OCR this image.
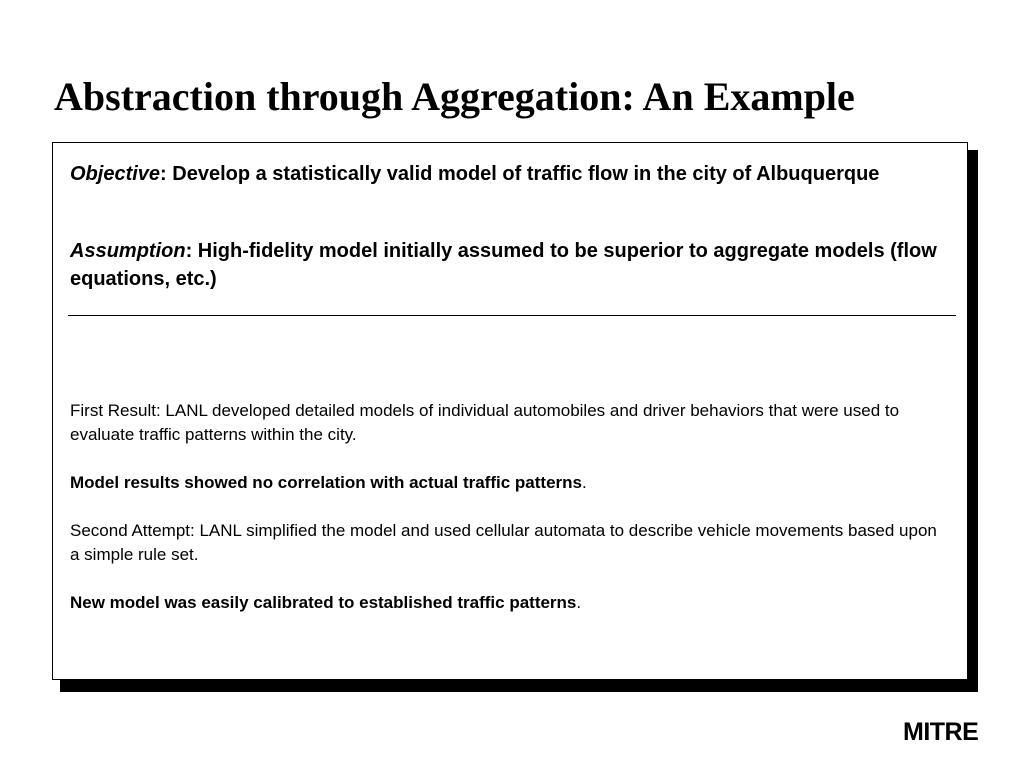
Abstraction through Aggregation: An Example

Objective: Develop a statistically valid model of traffic flow in the city of Albuquerque

Assumption: High-fidelity model initially assumed to be superior to aggregate models (flow equations, etc.)

First Result: LANL developed detailed models of individual automobiles and driver behaviors that were used to evaluate traffic patterns within the city.

Model results showed no correlation with actual traffic patterns.

Second Attempt: LANL simplified the model and used cellular automata to describe vehicle movements based upon a simple rule set.

New model was easily calibrated to established traffic patterns.

MITRE
